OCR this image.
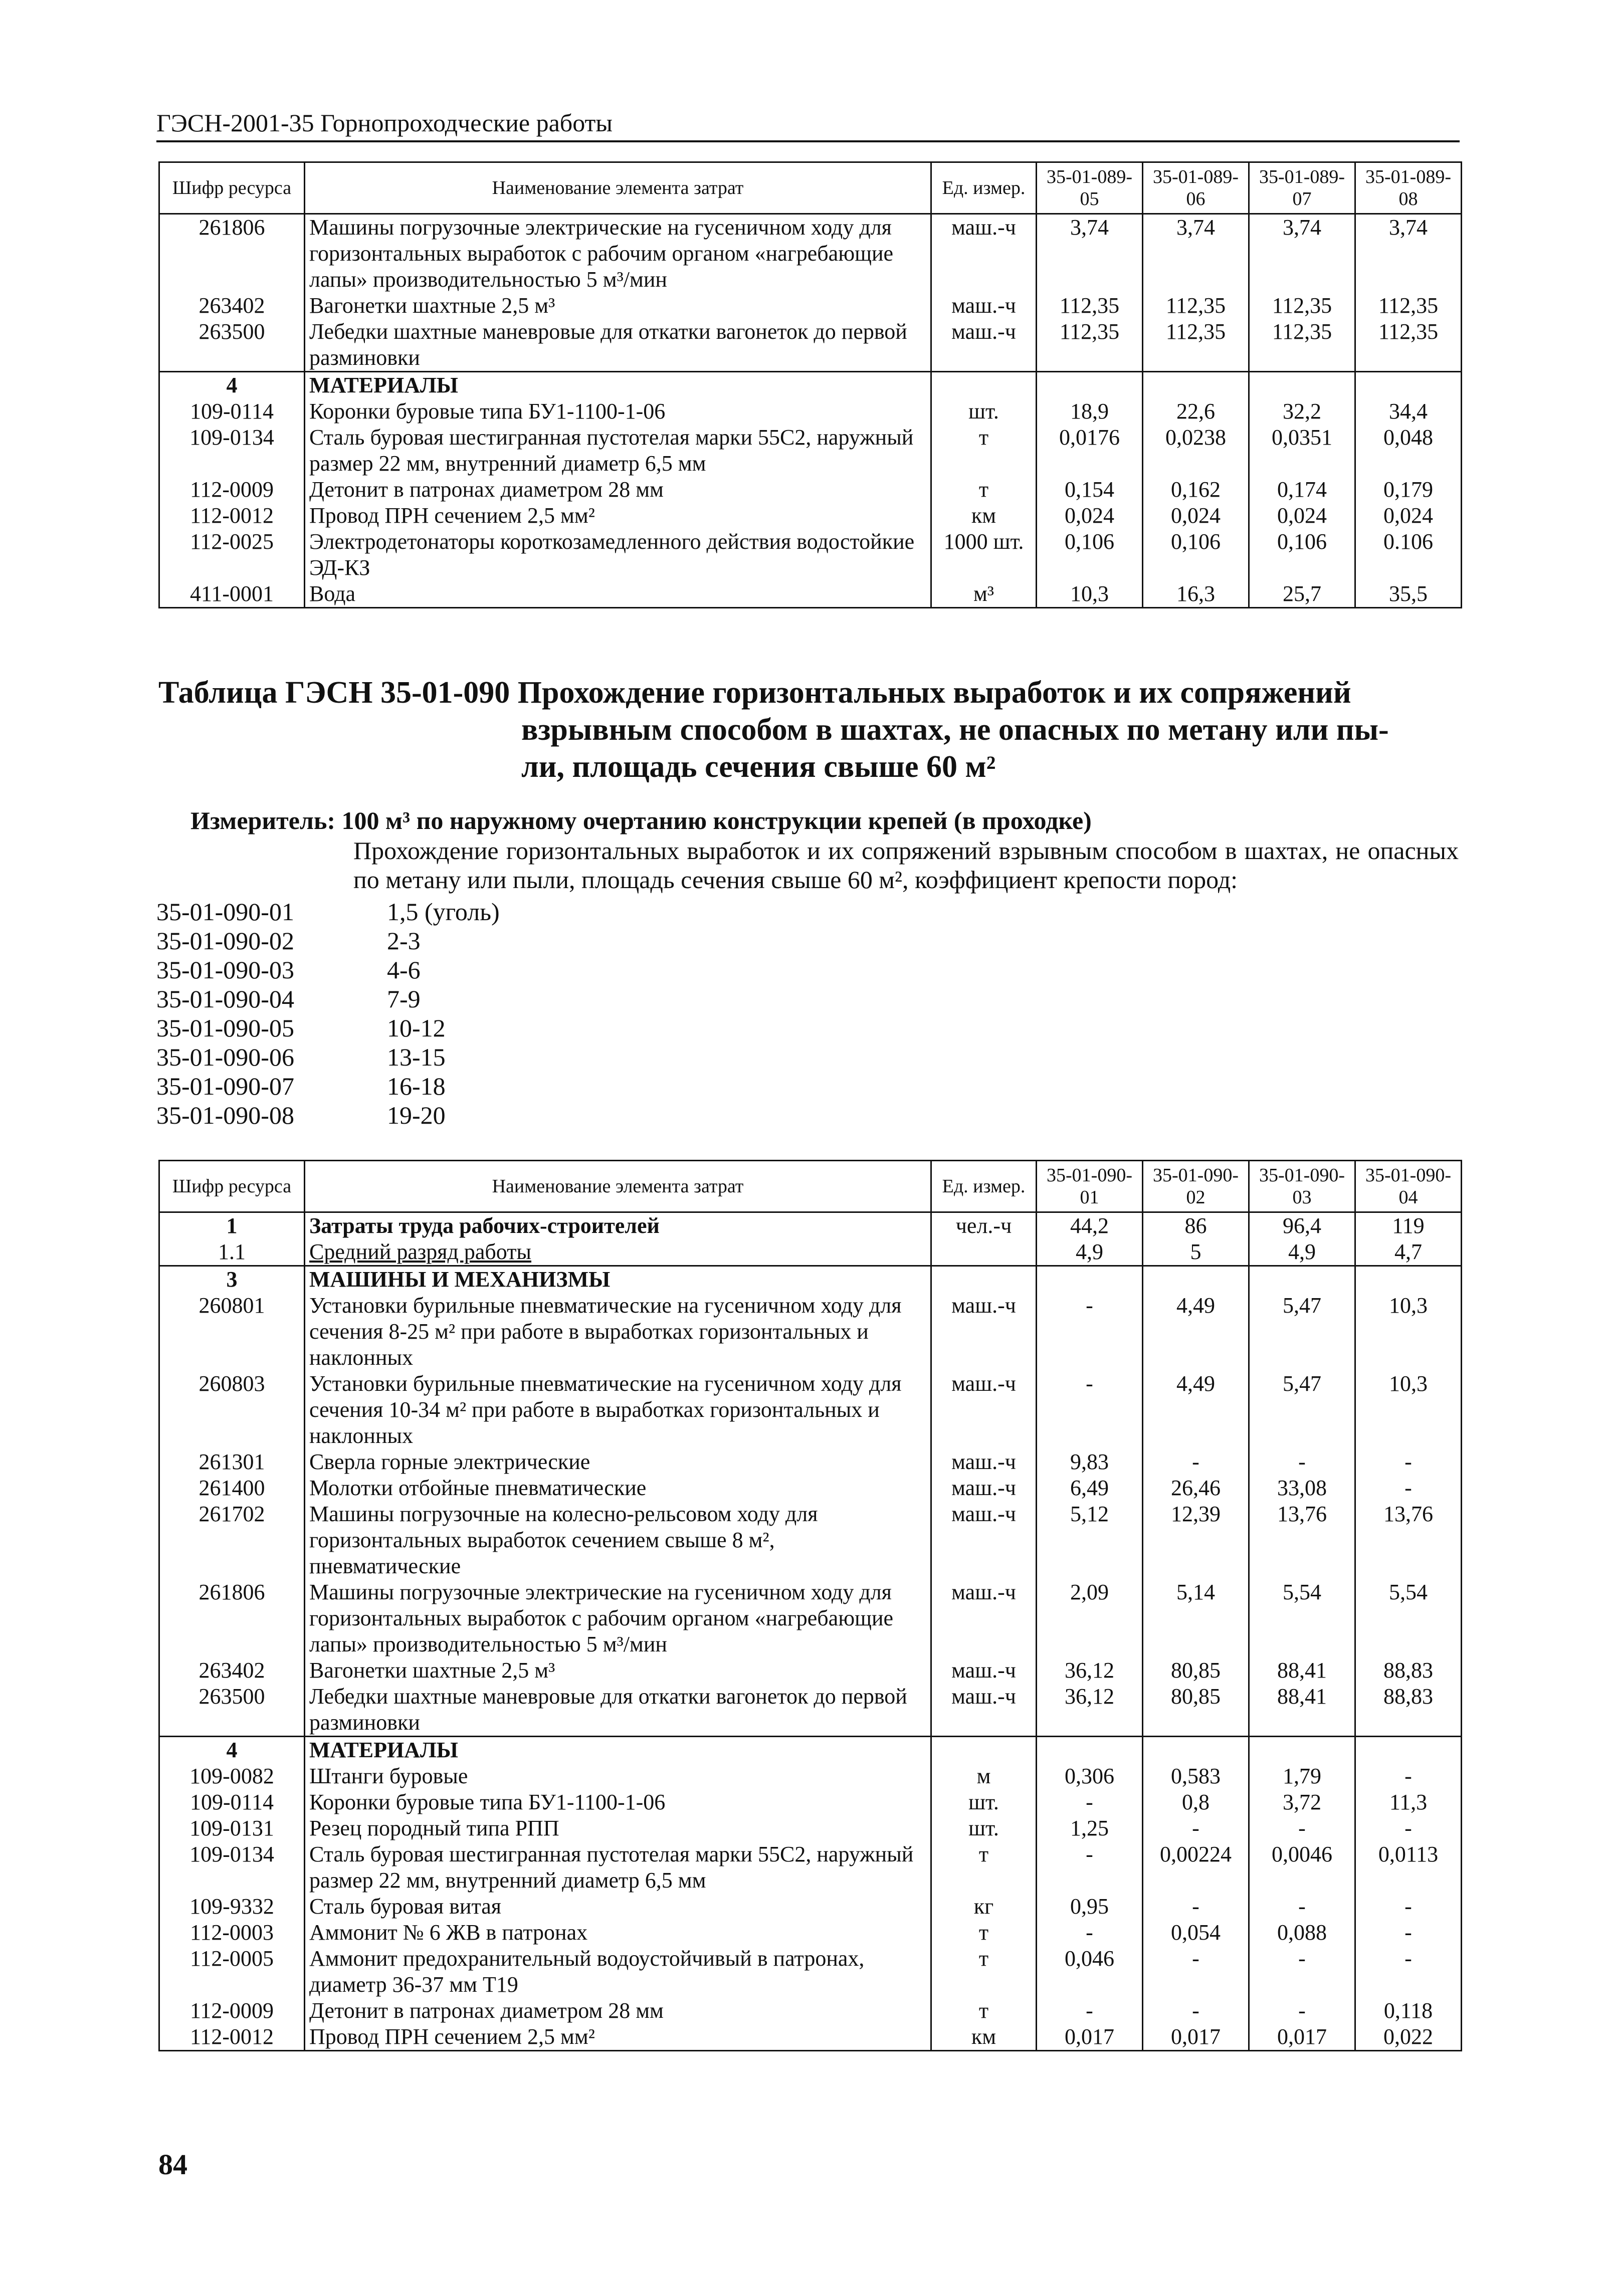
ГЭСН-2001-35 Горнопроходческие работы
Шифр ресурса	Наименование элемента затрат	Ед. измер.	35-01-089-05	35-01-089-06	35-01-089-07	35-01-089-08
261806	Машины погрузочные электрические на гусеничном ходу для горизонтальных выработок с рабочим органом «нагребающие лапы» производительностью 5 м³/мин	маш.-ч	3,74	3,74	3,74	3,74
263402	Вагонетки шахтные 2,5 м³	маш.-ч	112,35	112,35	112,35	112,35
263500	Лебедки шахтные маневровые для откатки вагонеток до первой разминовки	маш.-ч	112,35	112,35	112,35	112,35
4	МАТЕРИАЛЫ					
109-0114	Коронки буровые типа БУ1-1100-1-06	шт.	18,9	22,6	32,2	34,4
109-0134	Сталь буровая шестигранная пустотелая марки 55С2, наружный размер 22 мм, внутренний диаметр 6,5 мм	т	0,0176	0,0238	0,0351	0,048
112-0009	Детонит в патронах диаметром 28 мм	т	0,154	0,162	0,174	0,179
112-0012	Провод ПРН сечением 2,5 мм²	км	0,024	0,024	0,024	0,024
112-0025	Электродетонаторы короткозамедленного действия водостойкие ЭД-КЗ	1000 шт.	0,106	0,106	0,106	0.106
411-0001	Вода	м³	10,3	16,3	25,7	35,5
Таблица ГЭСН 35-01-090 Прохождение горизонтальных выработок и их сопряжений
взрывным способом в шахтах, не опасных по метану или пы-
ли, площадь сечения свыше 60 м²
Измеритель: 100 м³ по наружному очертанию конструкции крепей (в проходке)
Прохождение горизонтальных выработок и их сопряжений взрывным способом в шахтах, не опасных по метану или пыли, площадь сечения свыше 60 м², коэффициент крепости пород:
35-01-090-01	1,5 (уголь)
35-01-090-02	2-3
35-01-090-03	4-6
35-01-090-04	7-9
35-01-090-05	10-12
35-01-090-06	13-15
35-01-090-07	16-18
35-01-090-08	19-20
Шифр ресурса	Наименование элемента затрат	Ед. измер.	35-01-090-01	35-01-090-02	35-01-090-03	35-01-090-04
1	Затраты труда рабочих-строителей	чел.-ч	44,2	86	96,4	119
1.1	Средний разряд работы		4,9	5	4,9	4,7
3	МАШИНЫ И МЕХАНИЗМЫ					
260801	Установки бурильные пневматические на гусеничном ходу для сечения 8-25 м² при работе в выработках горизонтальных и наклонных	маш.-ч	-	4,49	5,47	10,3
260803	Установки бурильные пневматические на гусеничном ходу для сечения 10-34 м² при работе в выработках горизонтальных и наклонных	маш.-ч	-	4,49	5,47	10,3
261301	Сверла горные электрические	маш.-ч	9,83	-	-	-
261400	Молотки отбойные пневматические	маш.-ч	6,49	26,46	33,08	-
261702	Машины погрузочные на колесно-рельсовом ходу для горизонтальных выработок сечением свыше 8 м², пневматические	маш.-ч	5,12	12,39	13,76	13,76
261806	Машины погрузочные электрические на гусеничном ходу для горизонтальных выработок с рабочим органом «нагребающие лапы» производительностью 5 м³/мин	маш.-ч	2,09	5,14	5,54	5,54
263402	Вагонетки шахтные 2,5 м³	маш.-ч	36,12	80,85	88,41	88,83
263500	Лебедки шахтные маневровые для откатки вагонеток до первой разминовки	маш.-ч	36,12	80,85	88,41	88,83
4	МАТЕРИАЛЫ					
109-0082	Штанги буровые	м	0,306	0,583	1,79	-
109-0114	Коронки буровые типа БУ1-1100-1-06	шт.	-	0,8	3,72	11,3
109-0131	Резец породный типа РПП	шт.	1,25	-	-	-
109-0134	Сталь буровая шестигранная пустотелая марки 55С2, наружный размер 22 мм, внутренний диаметр 6,5 мм	т	-	0,00224	0,0046	0,0113
109-9332	Сталь буровая витая	кг	0,95	-	-	-
112-0003	Аммонит № 6 ЖВ в патронах	т	-	0,054	0,088	-
112-0005	Аммонит предохранительный водоустойчивый в патронах, диаметр 36-37 мм Т19	т	0,046	-	-	-
112-0009	Детонит в патронах диаметром 28 мм	т	-	-	-	0,118
112-0012	Провод ПРН сечением 2,5 мм²	км	0,017	0,017	0,017	0,022
84
